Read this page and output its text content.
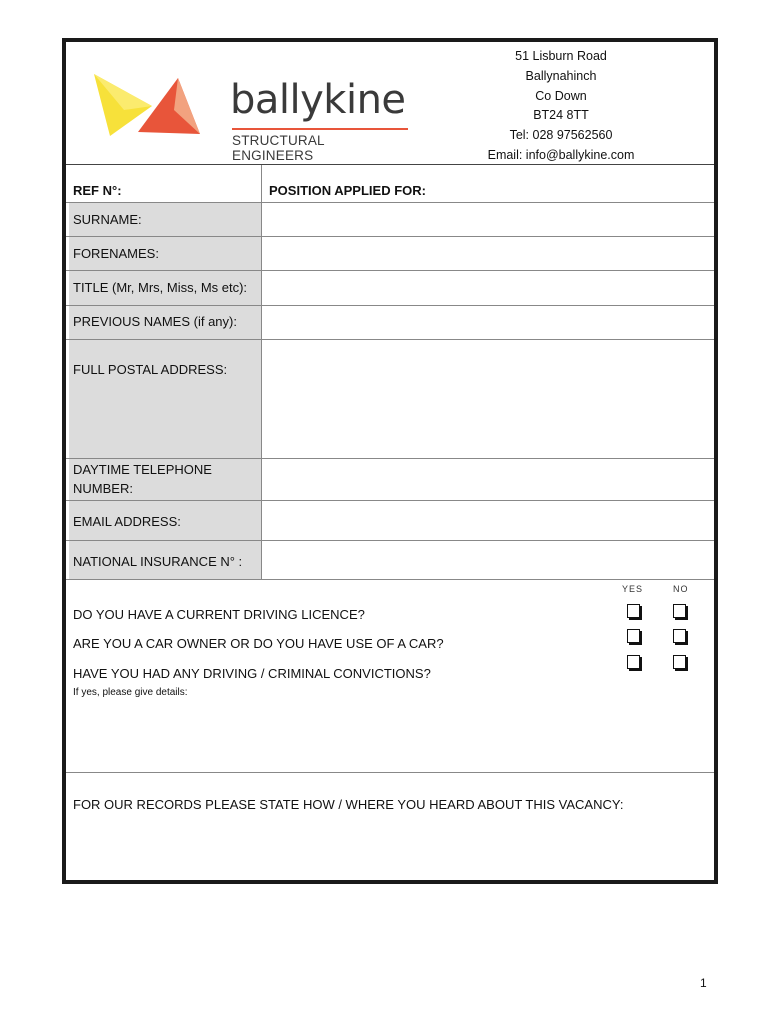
ballykine
STRUCTURAL ENGINEERS
51 Lisburn Road
Ballynahinch
Co Down
BT24 8TT
Tel: 028 97562560
Email: info@ballykine.com
REF N°:	POSITION APPLIED FOR:
SURNAME:
FORENAMES:
TITLE (Mr, Mrs, Miss, Ms etc):
PREVIOUS NAMES (if any):
FULL POSTAL ADDRESS:
DAYTIME TELEPHONE
NUMBER:
EMAIL ADDRESS:
NATIONAL INSURANCE N° :
YES	NO
DO YOU HAVE A CURRENT DRIVING LICENCE?
ARE YOU A CAR OWNER OR DO YOU HAVE USE OF A CAR?
HAVE YOU HAD ANY DRIVING / CRIMINAL CONVICTIONS?
If yes, please give details:
FOR OUR RECORDS PLEASE STATE HOW / WHERE YOU HEARD ABOUT THIS VACANCY:
1
